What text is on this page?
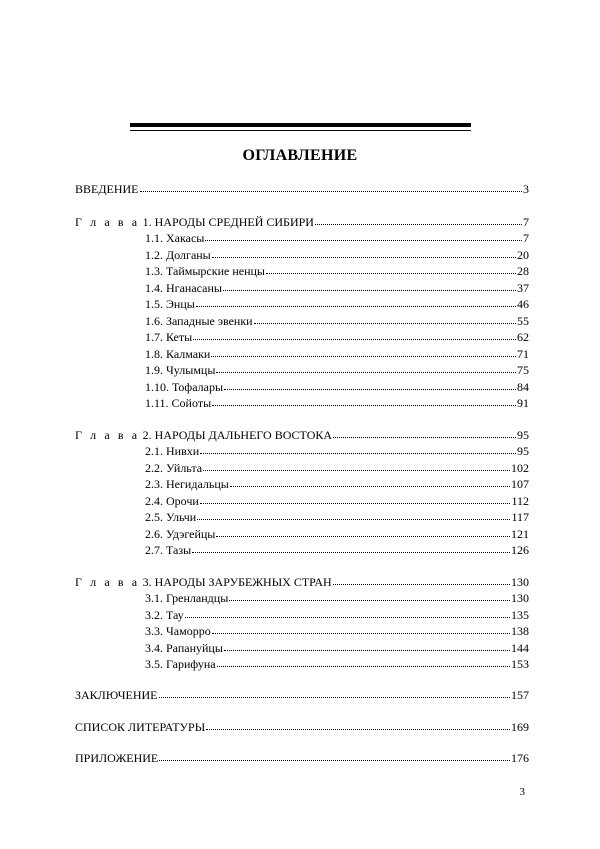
ОГЛАВЛЕНИЕ
ВВЕДЕНИЕ	3
Г л а в а 1. НАРОДЫ СРЕДНЕЙ СИБИРИ	7
1.1. Хакасы	7
1.2. Долганы	20
1.3. Таймырские ненцы	28
1.4. Нганасаны	37
1.5. Энцы	46
1.6. Западные эвенки	55
1.7. Кеты	62
1.8. Калмаки	71
1.9. Чулымцы	75
1.10. Тофалары	84
1.11. Сойоты	91
Г л а в а 2. НАРОДЫ ДАЛЬНЕГО ВОСТОКА	95
2.1. Нивхи	95
2.2. Уйльта	102
2.3. Негидальцы	107
2.4. Орочи	112
2.5. Ульчи	117
2.6. Удэгейцы	121
2.7. Тазы	126
Г л а в а 3. НАРОДЫ ЗАРУБЕЖНЫХ СТРАН	130
3.1. Гренландцы	130
3.2. Тау	135
3.3. Чаморро	138
3.4. Рапануйцы	144
3.5. Гарифуна	153
ЗАКЛЮЧЕНИЕ	157
СПИСОК ЛИТЕРАТУРЫ	169
ПРИЛОЖЕНИЕ	176
3
